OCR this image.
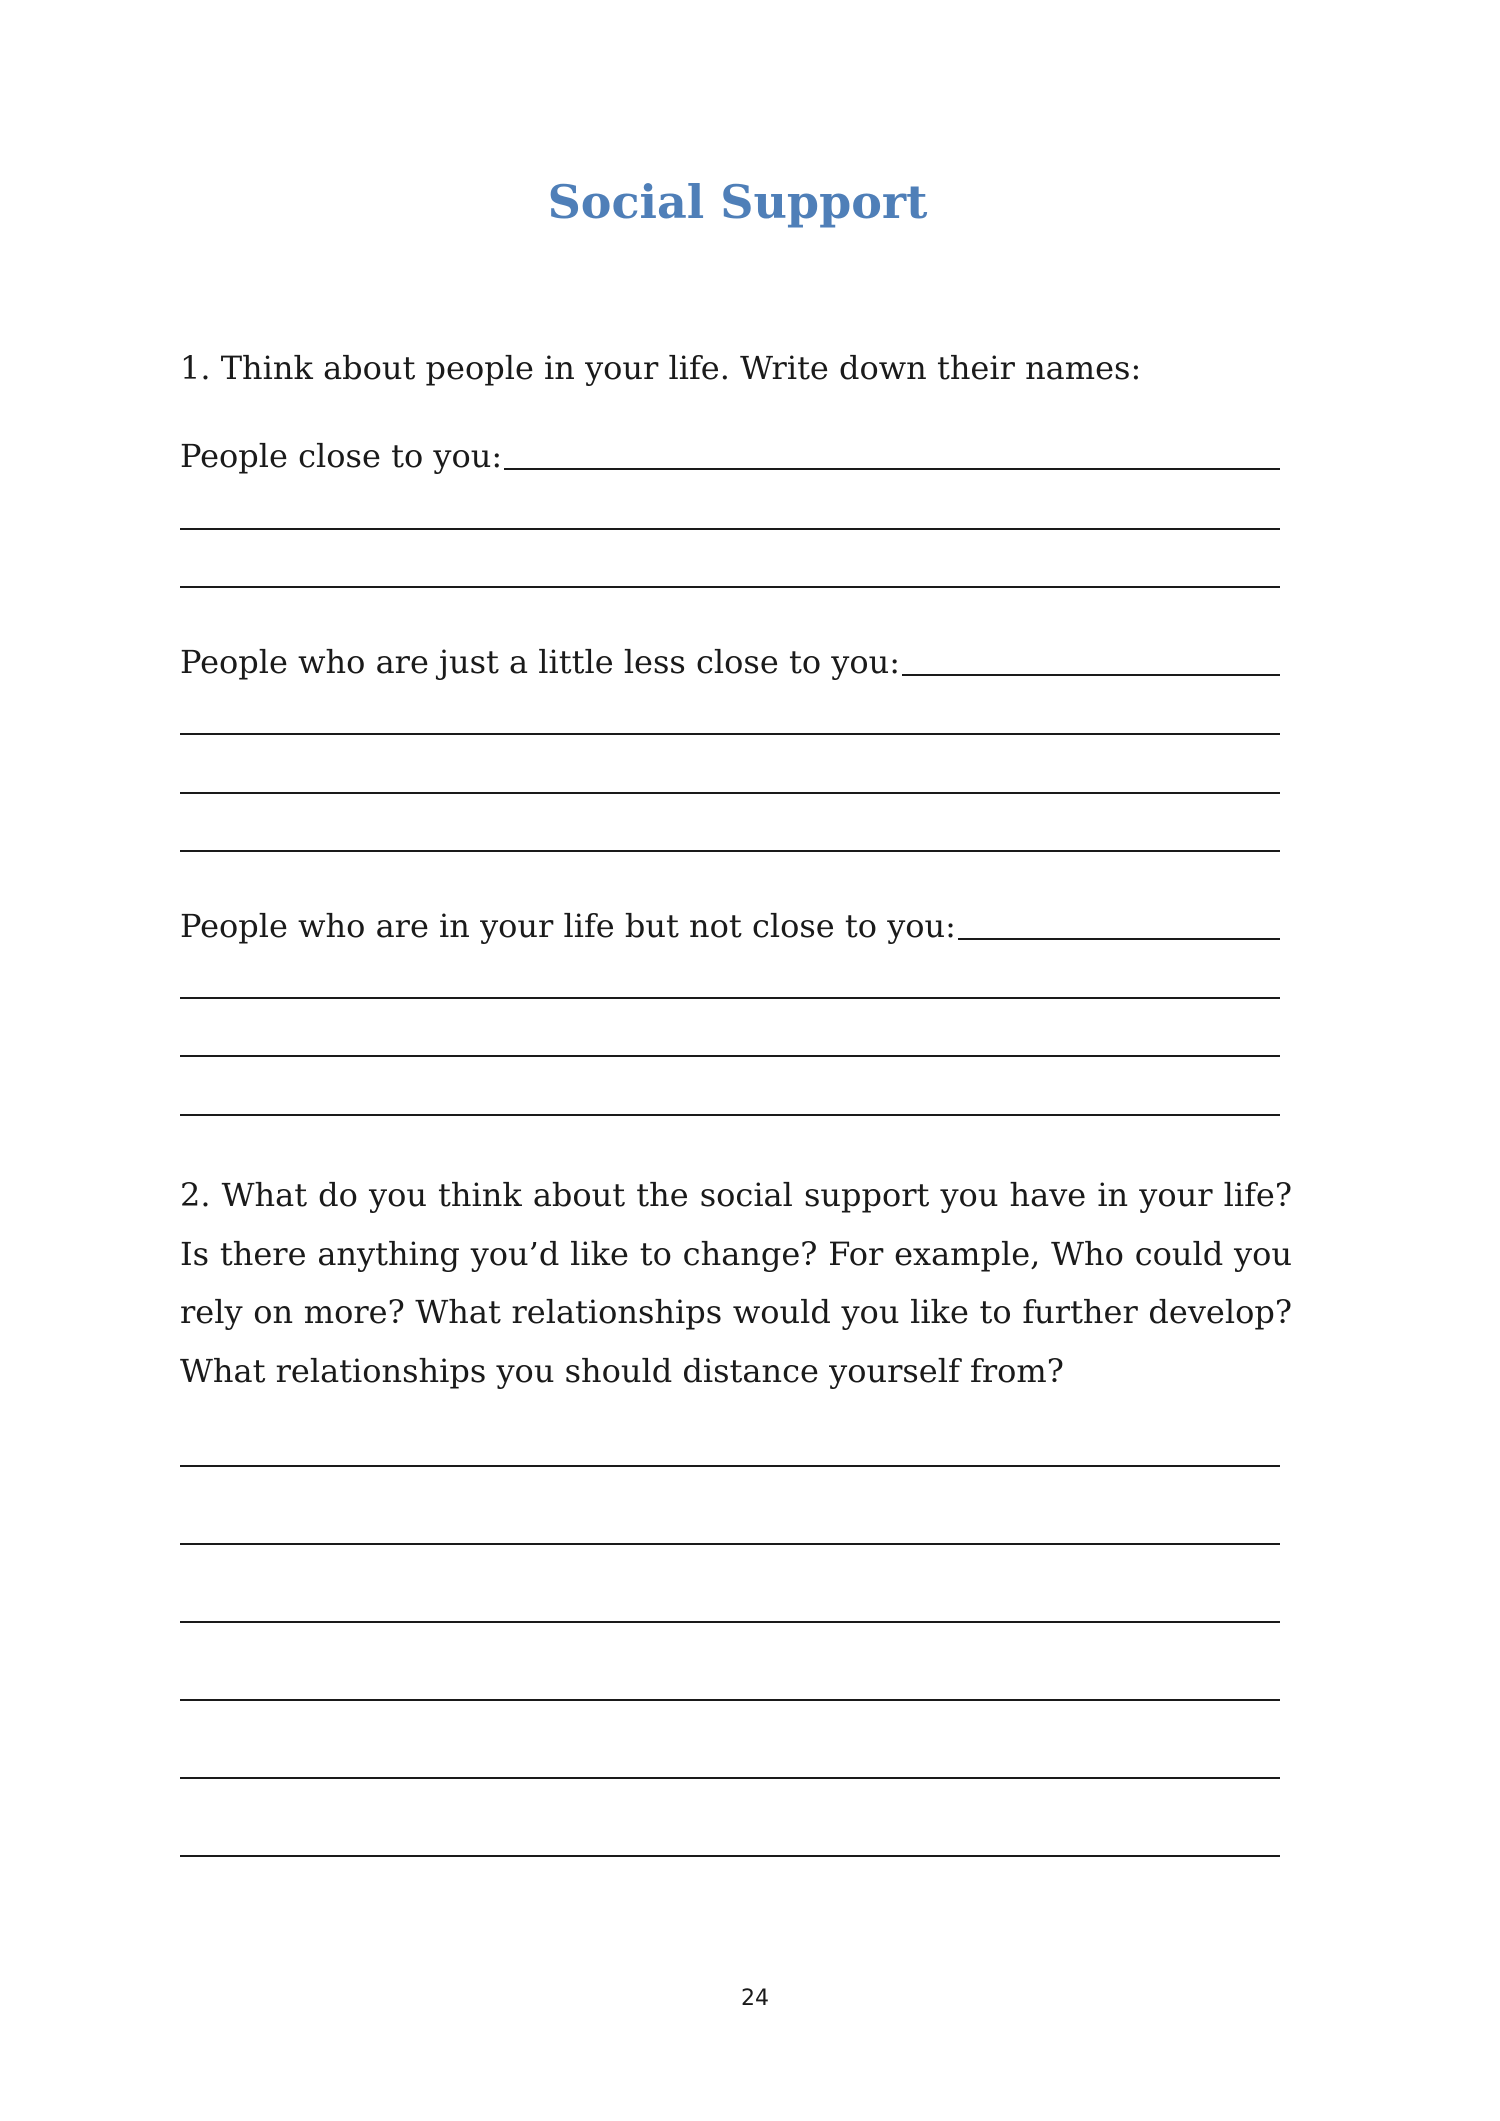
Social Support
1. Think about people in your life. Write down their names:
People close to you:
People who are just a little less close to you:
People who are in your life but not close to you:

2. What do you think about the social support you have in your life? Is there anything you’d like to change? For example, Who could you rely on more? What relationships would you like to further develop? What relationships you should distance yourself from?

24
